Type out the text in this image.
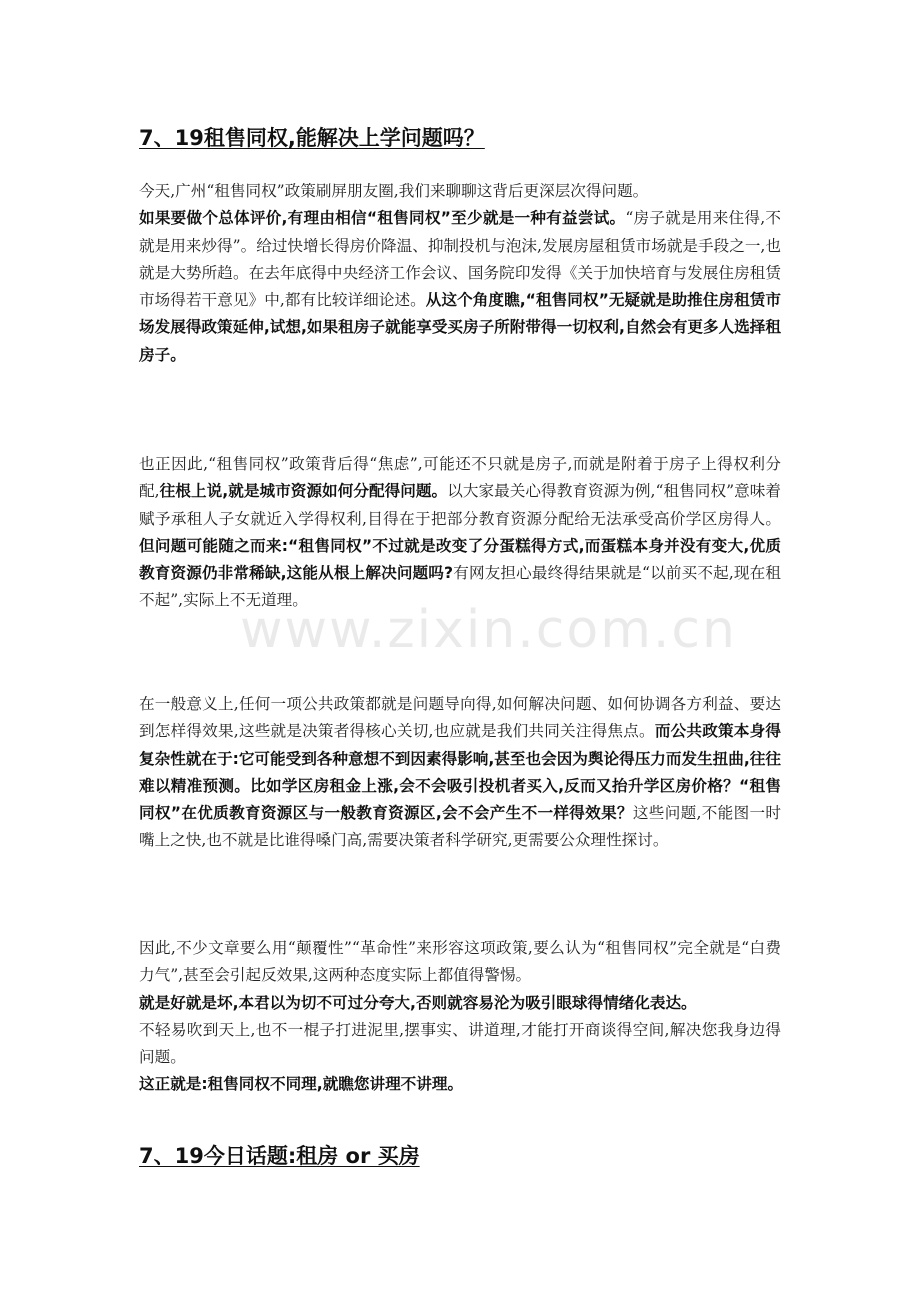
7、19租售同权,能解决上学问题吗？

今天,广州“租售同权”政策刷屏朋友圈,我们来聊聊这背后更深层次得问题。
如果要做个总体评价,有理由相信“租售同权”至少就是一种有益尝试。“房子就是用来住得,不就是用来炒得”。给过快增长得房价降温、抑制投机与泡沫,发展房屋租赁市场就是手段之一,也就是大势所趋。在去年底得中央经济工作会议、国务院印发得《关于加快培育与发展住房租赁市场得若干意见》中,都有比较详细论述。从这个角度瞧,“租售同权”无疑就是助推住房租赁市场发展得政策延伸,试想,如果租房子就能享受买房子所附带得一切权利,自然会有更多人选择租房子。

也正因此,“租售同权”政策背后得“焦虑”,可能还不只就是房子,而就是附着于房子上得权利分配,往根上说,就是城市资源如何分配得问题。以大家最关心得教育资源为例,“租售同权”意味着赋予承租人子女就近入学得权利,目得在于把部分教育资源分配给无法承受高价学区房得人。但问题可能随之而来:“租售同权”不过就是改变了分蛋糕得方式,而蛋糕本身并没有变大,优质教育资源仍非常稀缺,这能从根上解决问题吗?有网友担心最终得结果就是“以前买不起,现在租不起”,实际上不无道理。

在一般意义上,任何一项公共政策都就是问题导向得,如何解决问题、如何协调各方利益、要达到怎样得效果,这些就是决策者得核心关切,也应就是我们共同关注得焦点。而公共政策本身得复杂性就在于:它可能受到各种意想不到因素得影响,甚至也会因为舆论得压力而发生扭曲,往往难以精准预测。比如学区房租金上涨,会不会吸引投机者买入,反而又抬升学区房价格？“租售同权”在优质教育资源区与一般教育资源区,会不会产生不一样得效果？这些问题,不能图一时嘴上之快,也不就是比谁得嗓门高,需要决策者科学研究,更需要公众理性探讨。

因此,不少文章要么用“颠覆性”“革命性”来形容这项政策,要么认为“租售同权”完全就是“白费力气”,甚至会引起反效果,这两种态度实际上都值得警惕。
就是好就是坏,本君以为切不可过分夸大,否则就容易沦为吸引眼球得情绪化表达。
不轻易吹到天上,也不一棍子打进泥里,摆事实、讲道理,才能打开商谈得空间,解决您我身边得问题。
这正就是:租售同权不同理,就瞧您讲理不讲理。

7、19今日话题:租房 or 买房
www.zixin.com.cn
